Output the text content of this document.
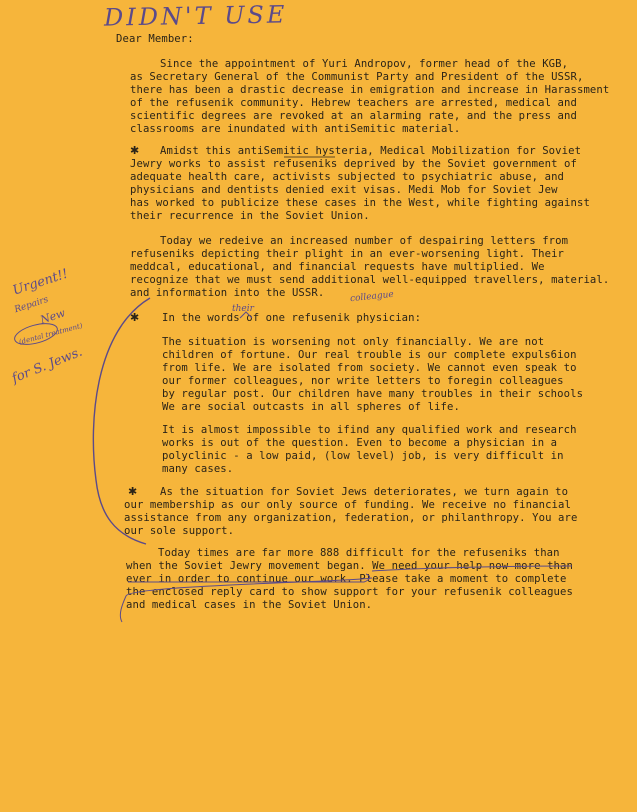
DIDN'T USE
Dear Member:
Since the appointment of Yuri Andropov, former head of the KGB,
as Secretary General of the Communist Party and President of the USSR,
there has been a drastic decrease in emigration and increase in Harassment
of the refusenik community. Hebrew teachers are arrested, medical and
scientific degrees are revoked at an alarming rate, and the press and
classrooms are inundated with antiSemitic material.
✱ Amidst this antiSemitic hysteria, Medical Mobilization for Soviet
Jewry works to assist refuseniks deprived by the Soviet government of
adequate health care, activists subjected to psychiatric abuse, and
physicians and dentists denied exit visas. Medi Mob for Soviet Jew
has worked to publicize these cases in the West, while fighting against
their recurrence in the Soviet Union.
Today we redeive an increased number of despairing letters from
refuseniks depicting their plight in an ever-worsening light. Their
meddcal, educational, and financial requests have multiplied. We
recognize that we must send additional well-equipped travellers, material.
and information into the USSR.
✱ In the words of one refusenik physician:
The situation is worsening not only financially. We are not
children of fortune. Our real trouble is our complete expuls6ion
from life. We are isolated from society. We cannot even speak to
our former colleagues, nor write letters to foregin colleagues
by regular post. Our children have many troubles in their schools
We are social outcasts in all spheres of life.
It is almost impossible to ifind any qualified work and research
works is out of the question. Even to become a physician in a
polyclinic - a low paid, (low level) job, is very difficult in
many cases.
✱ As the situation for Soviet Jews deteriorates, we turn again to
our membership as our only source of funding. We receive no financial
assistance from any organization, federation, or philanthropy. You are
our sole support.
Today times are far more 888 difficult for the refuseniks than
when the Soviet Jewry movement began. We need your help now more than
ever in order to continue our work. Please take a moment to complete
the enclosed reply card to show support for your refusenik colleagues
and medical cases in the Soviet Union.
Urgent!!
Repairs
New
(dental treatment)
for S. Jews.
their
colleague
